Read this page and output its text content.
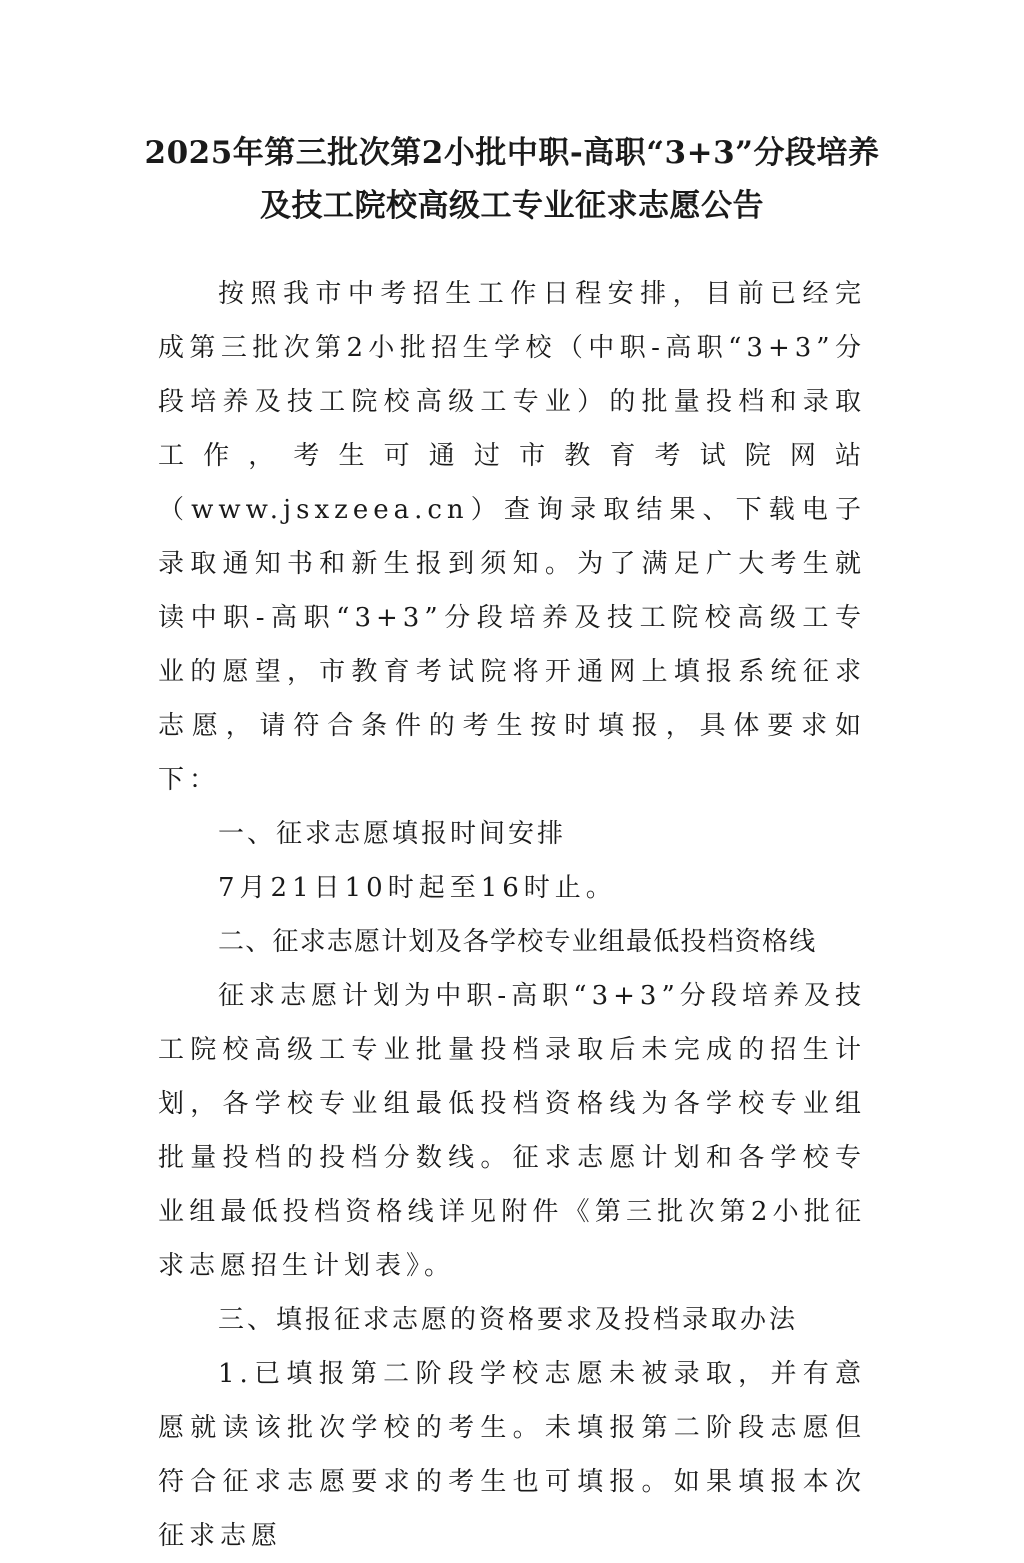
2025年第三批次第2小批中职-高职“3+3”分段培养
及技工院校高级工专业征求志愿公告

按照我市中考招生工作日程安排，目前已经完成第三批次第2小批招生学校（中职-高职“3+3”分段培养及技工院校高级工专业）的批量投档和录取工作，考生可通过市教育考试院网站（www.jsxzeea.cn）查询录取结果、下载电子录取通知书和新生报到须知。为了满足广大考生就读中职-高职“3+3”分段培养及技工院校高级工专业的愿望，市教育考试院将开通网上填报系统征求志愿，请符合条件的考生按时填报，具体要求如下：

一、征求志愿填报时间安排

7月21日10时起至16时止。

二、征求志愿计划及各学校专业组最低投档资格线

征求志愿计划为中职-高职“3+3”分段培养及技工院校高级工专业批量投档录取后未完成的招生计划，各学校专业组最低投档资格线为各学校专业组批量投档的投档分数线。征求志愿计划和各学校专业组最低投档资格线详见附件《第三批次第2小批征求志愿招生计划表》。

三、填报征求志愿的资格要求及投档录取办法

1.已填报第二阶段学校志愿未被录取，并有意愿就读该批次学校的考生。未填报第二阶段志愿但符合征求志愿要求的考生也可填报。如果填报本次征求志愿
